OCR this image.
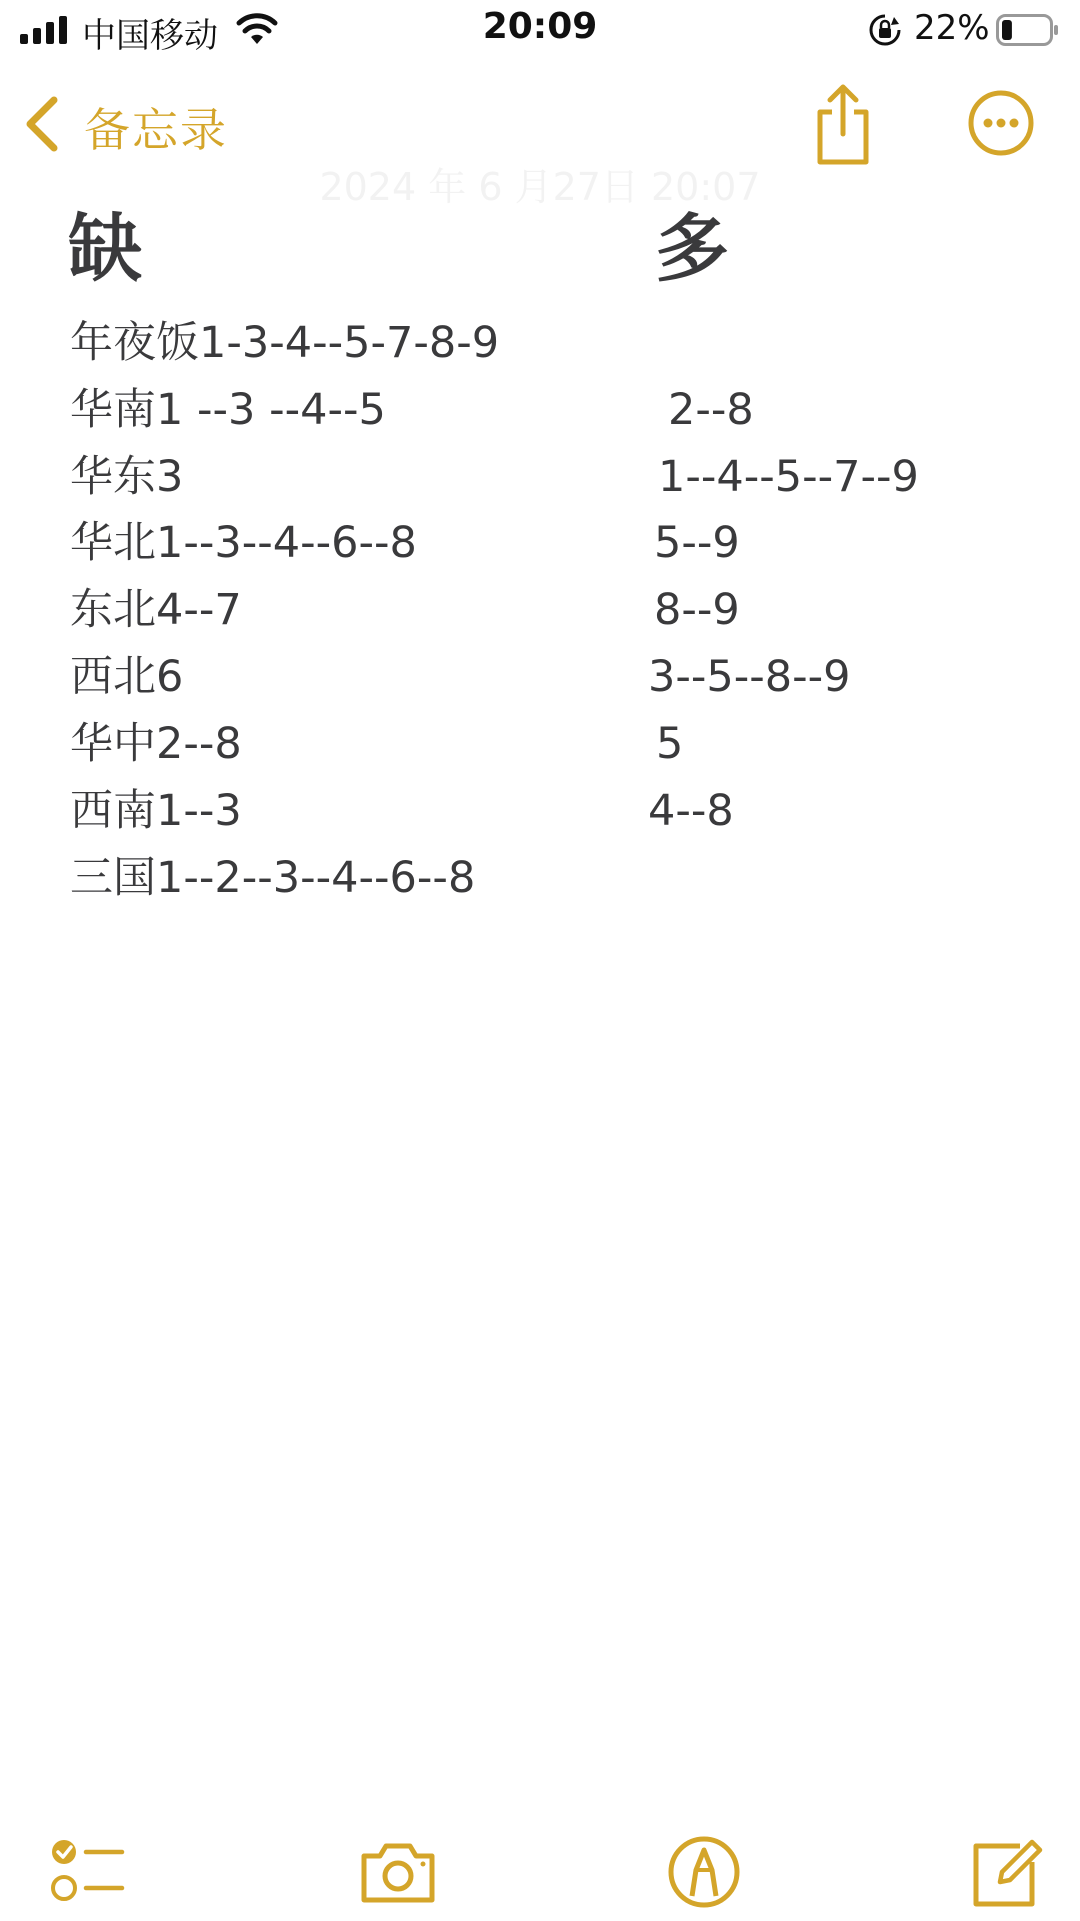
中国移动	20:09	22%
备忘录
2024 年 6 月27日 20:07
缺	多
年夜饭1-3-4--5-7-8-9
华南1 --3 --4--5	2--8
华东3	1--4--5--7--9
华北1--3--4--6--8	5--9
东北4--7	8--9
西北6	3--5--8--9
华中2--8	5
西南1--3	4--8
三国1--2--3--4--6--8
